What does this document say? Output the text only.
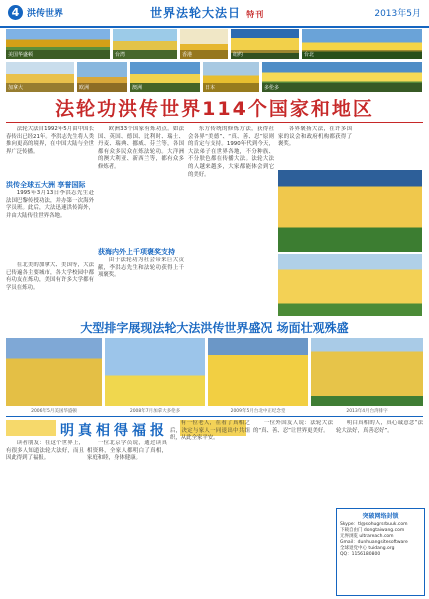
4 洪传世界	世界法轮大法日 特刊	2013年5月
美国华盛顿	台湾	香港	纽约	台北
加拿大	欧洲	澳洲	日本	多伦多
法轮功洪传世界114个国家和地区
法轮大法自1992年5月由中国长春传出已经21年。李洪志先生将人类推向更高的境界，在中国大陆与全世界广泛传播。
洪传全球五大洲 享誉国际
1995年3月13日李洪志先生赴法国巴黎传授功法，并办第一次海外学员班。此后，大法迅速洪传海外，并由大陆传往世界各地。
在北美的加拿大、美国等，大法已传遍各主要城市，各大学校园中都有功友在炼功，美国有许多大学都有学员在炼功。
欧洲33个国家有炼功点。如法国、英国、德国、比利时、瑞士、丹麦、瑞典、挪威、芬兰等，各国都有众多民众在炼法轮功。大洋洲的澳大利亚、新西兰等，都有众多修炼者。
获海内外上千项褒奖支持
由于法轮功为社会带来巨大贡献，李洪志先生和法轮功获得上千项褒奖。
东方传统的修炼方法，获得社会各界“美德”、“真、善、忍”原则的肯定与支持。1990年代到今天，大法弟子在世界各地，不分种族、不分肤色都在传播大法。法轮大法的人越来越多，大家都能体会到它的美好。
各界褒扬大法，在许多国家的议会和政府机构都获得了褒奖。
大型排字展现法轮大法洪传世界盛况 场面壮观殊盛
2006年5月美国华盛顿	2008年7月加拿大多伦多	2009年5月台北中正纪念堂	2013年4月台湾排字
明真相得福报
读者朋友：在这个世界上，有很多人知道法轮大法好，而且因此得到了福报。
一位北京学员说，通过读真相资料，全家人都明白了真相，家庭和睦，身体健康。
有一位老人，在看了真相之后，决定与家人一同退出中共组织，从此全家平安。
一位外国友人说：法轮大法的“真、善、忍”让世界更美好。
明白真相的人，真心诚意念“法轮大法好，真善忍好”。
突破网络封锁
Skype：tl@sohugrsrbuuk.com
下载自由门 dongtaiwang.com
无界浏览 ultrareach.com
Gmail：dunhuangsitesoftware
全球退党中心 tuidang.org
QQ：1156180800
